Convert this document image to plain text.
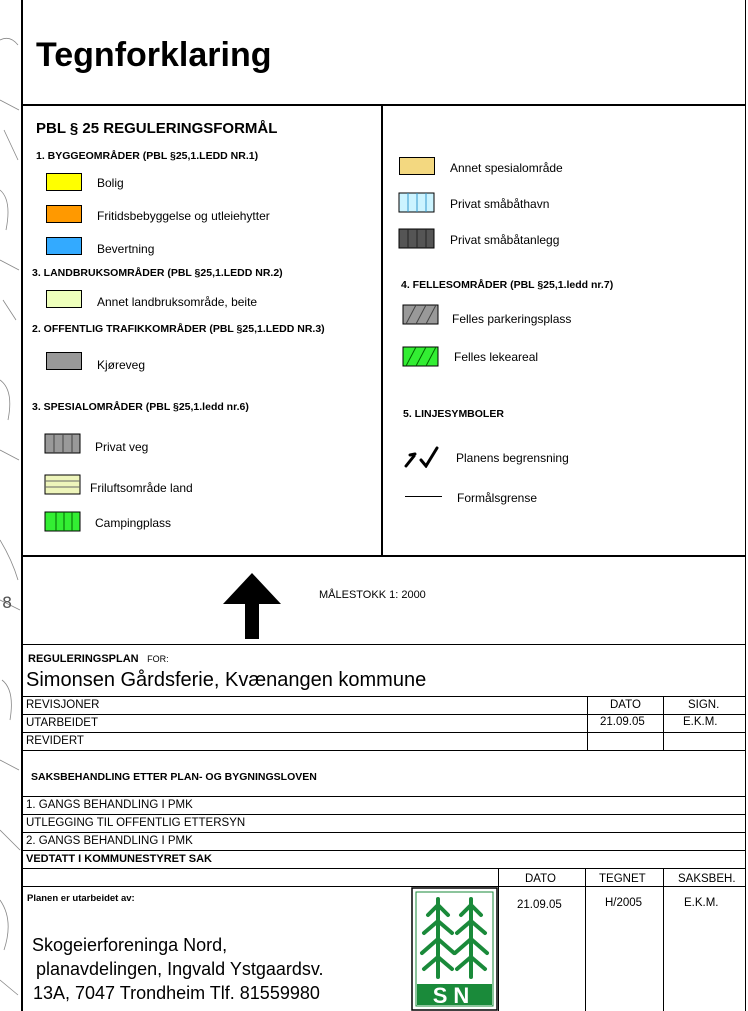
8
Tegnforklaring
PBL § 25 REGULERINGSFORMÅL
1. BYGGEOMRÅDER (PBL §25,1.LEDD NR.1)
Bolig
Fritidsbebyggelse og utleiehytter
Bevertning
3. LANDBRUKSOMRÅDER (PBL §25,1.LEDD NR.2)
Annet landbruksområde, beite
2. OFFENTLIG TRAFIKKOMRÅDER (PBL §25,1.LEDD NR.3)
Kjøreveg
3. SPESIALOMRÅDER (PBL §25,1.ledd nr.6)
Privat veg
Friluftsområde land
Campingplass
Annet spesialområde
Privat småbåthavn
Privat småbåtanlegg
4. FELLESOMRÅDER (PBL §25,1.ledd nr.7)
Felles parkeringsplass
Felles lekeareal
5. LINJESYMBOLER
Planens begrensning
Formålsgrense
MÅLESTOKK 1: 2000
REGULERINGSPLAN FOR:
Simonsen Gårdsferie, Kvænangen kommune
REVISJONER	DATO	SIGN.
UTARBEIDET	21.09.05	E.K.M.
REVIDERT
SAKSBEHANDLING ETTER PLAN- OG BYGNINGSLOVEN
1. GANGS BEHANDLING I PMK
UTLEGGING TIL OFFENTLIG ETTERSYN
2. GANGS BEHANDLING I PMK
VEDTATT I KOMMUNESTYRET SAK
Planen er utarbeidet av:
Skogeierforeninga Nord,
planavdelingen, Ingvald Ystgaardsv.
13A, 7047 Trondheim Tlf. 81559980	SN
DATO	TEGNET	SAKSBEH.
21.09.05	H/2005	E.K.M.
